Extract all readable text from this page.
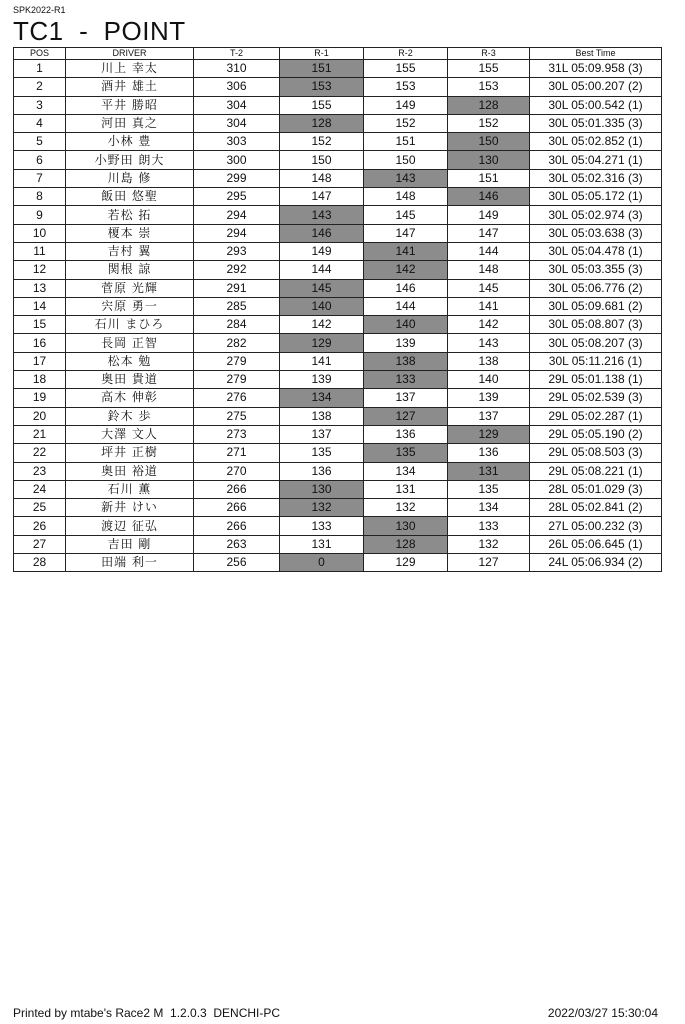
SPK2022-R1
TC1  -  POINT
POS	DRIVER	T-2	R-1	R-2	R-3	Best Time
1	川上 幸太	310	151	155	155	31L 05:09.958 (3)
2	酒井 雄土	306	153	153	153	30L 05:00.207 (2)
3	平井 勝昭	304	155	149	128	30L 05:00.542 (1)
4	河田 真之	304	128	152	152	30L 05:01.335 (3)
5	小林 豊	303	152	151	150	30L 05:02.852 (1)
6	小野田 朗大	300	150	150	130	30L 05:04.271 (1)
7	川島 修	299	148	143	151	30L 05:02.316 (3)
8	飯田 悠聖	295	147	148	146	30L 05:05.172 (1)
9	若松 拓	294	143	145	149	30L 05:02.974 (3)
10	榎本 崇	294	146	147	147	30L 05:03.638 (3)
11	吉村 翼	293	149	141	144	30L 05:04.478 (1)
12	関根 諒	292	144	142	148	30L 05:03.355 (3)
13	菅原 光輝	291	145	146	145	30L 05:06.776 (2)
14	宍原 勇一	285	140	144	141	30L 05:09.681 (2)
15	石川 まひろ	284	142	140	142	30L 05:08.807 (3)
16	長岡 正智	282	129	139	143	30L 05:08.207 (3)
17	松本 勉	279	141	138	138	30L 05:11.216 (1)
18	奥田 貴道	279	139	133	140	29L 05:01.138 (1)
19	高木 伸彰	276	134	137	139	29L 05:02.539 (3)
20	鈴木 歩	275	138	127	137	29L 05:02.287 (1)
21	大澤 文人	273	137	136	129	29L 05:05.190 (2)
22	坪井 正樹	271	135	135	136	29L 05:08.503 (3)
23	奥田 裕道	270	136	134	131	29L 05:08.221 (1)
24	石川 薫	266	130	131	135	28L 05:01.029 (3)
25	新井 けい	266	132	132	134	28L 05:02.841 (2)
26	渡辺 征弘	266	133	130	133	27L 05:00.232 (3)
27	吉田 剛	263	131	128	132	26L 05:06.645 (1)
28	田端 利一	256	0	129	127	24L 05:06.934 (2)
Printed by mtabe's Race2 M  1.2.0.3  DENCHI-PC	2022/03/27 15:30:04
